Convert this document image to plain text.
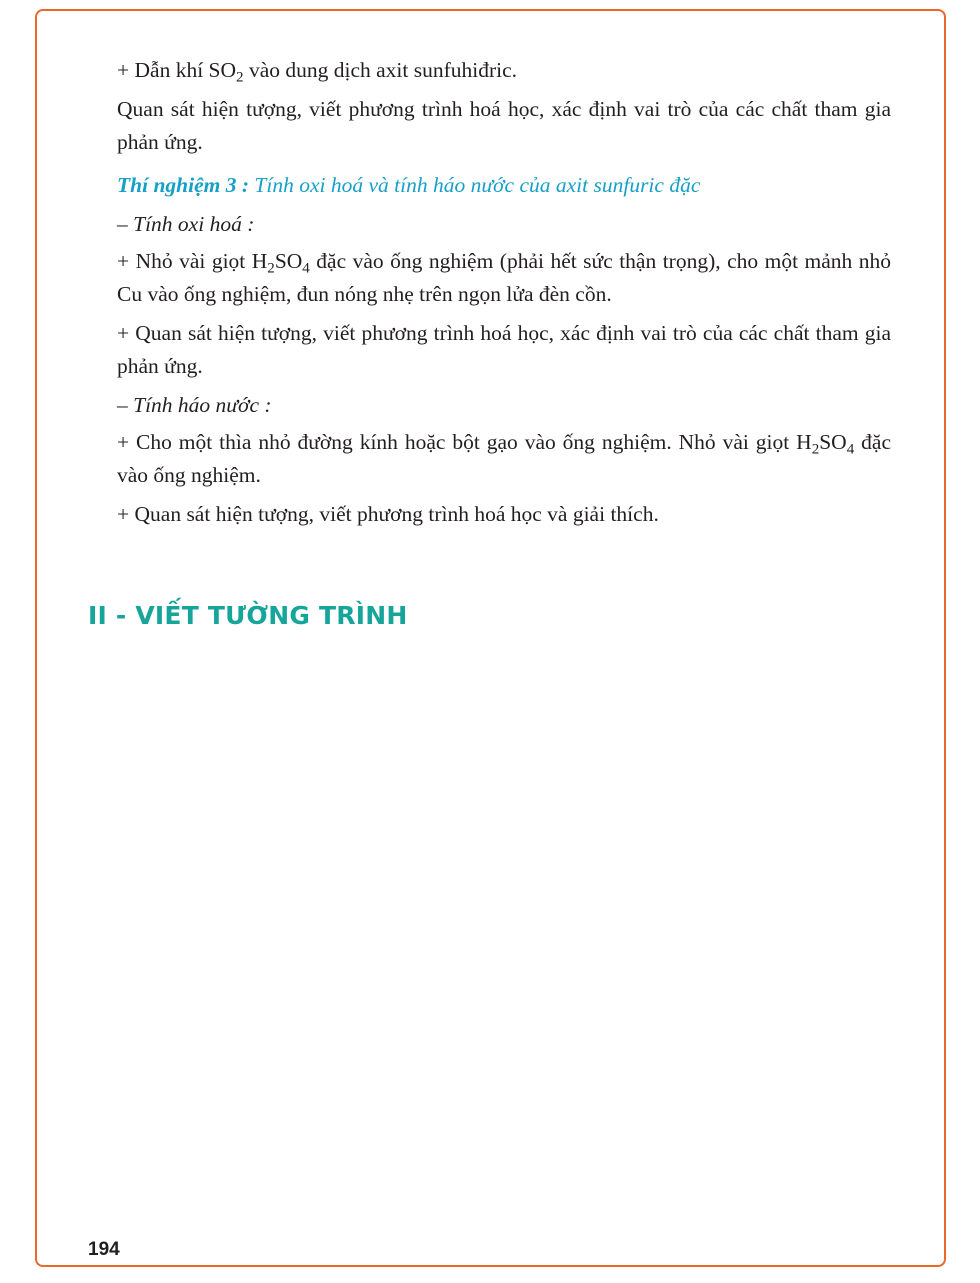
+ Dẫn khí $SO_2$ vào dung dịch axit sunfuhiđric.

Quan sát hiện tượng, viết phương trình hoá học, xác định vai trò của các chất tham gia phản ứng.

Thí nghiệm 3 : Tính oxi hoá và tính háo nước của axit sunfuric đặc

– Tính oxi hoá :

+ Nhỏ vài giọt $H_2SO_4$ đặc vào ống nghiệm (phải hết sức thận trọng), cho một mảnh nhỏ Cu vào ống nghiệm, đun nóng nhẹ trên ngọn lửa đèn cồn.

+ Quan sát hiện tượng, viết phương trình hoá học, xác định vai trò của các chất tham gia phản ứng.

– Tính háo nước :

+ Cho một thìa nhỏ đường kính hoặc bột gạo vào ống nghiệm. Nhỏ vài giọt $H_2SO_4$ đặc vào ống nghiệm.

+ Quan sát hiện tượng, viết phương trình hoá học và giải thích.

II - VIẾT TƯỜNG TRÌNH
194
